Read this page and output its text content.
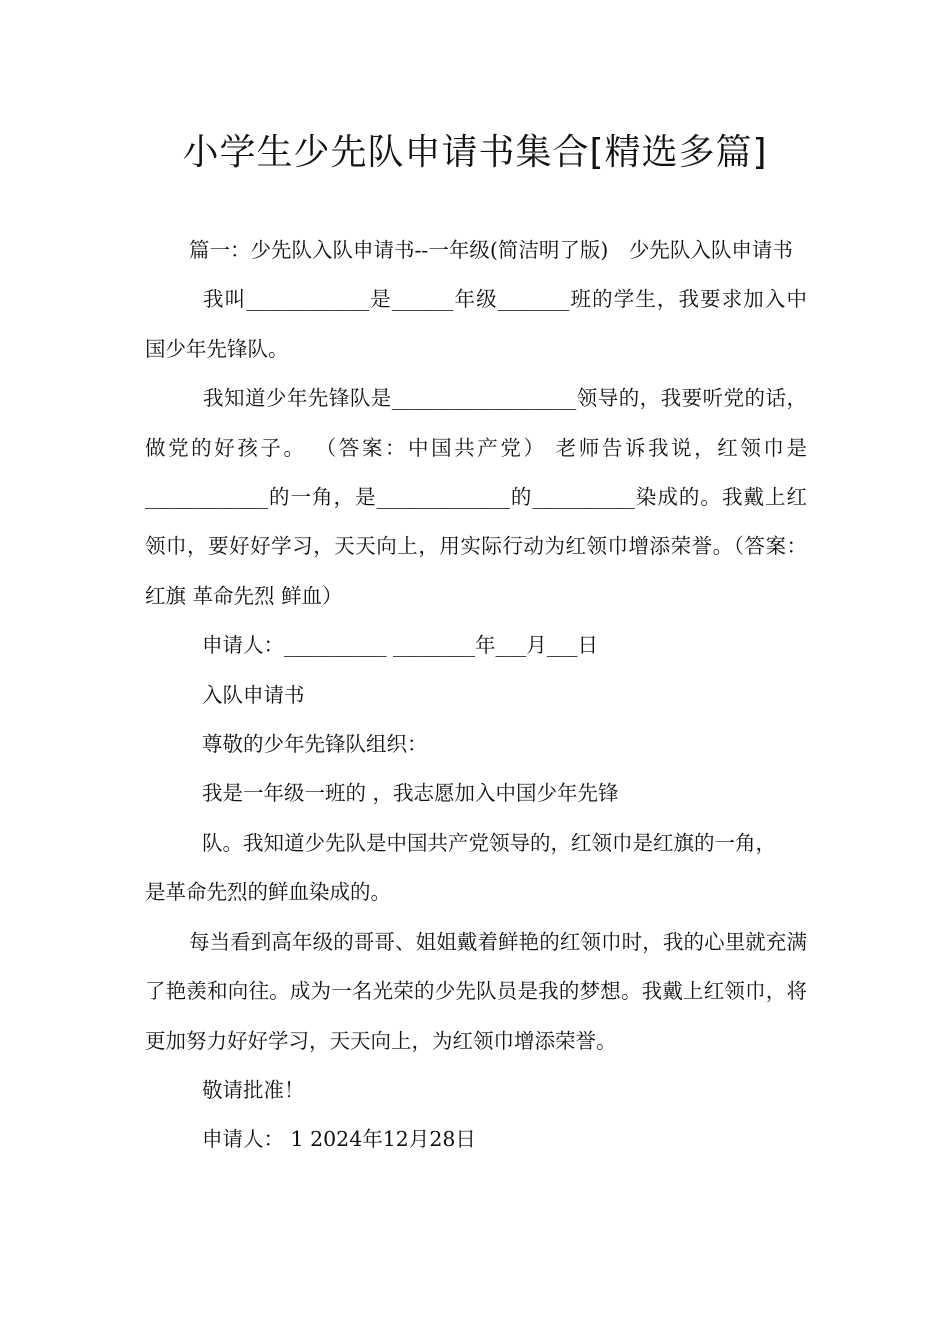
小学生少先队申请书集合[精选多篇]

篇一：少先队入队申请书--一年级(简洁明了版)　少先队入队申请书

我叫____________是______年级_______班的学生，我要求加入中国少年先锋队。

我知道少年先锋队是__________________领导的，我要听党的话，做党的好孩子。 （答案：中国共产党） 老师告诉我说，红领巾是____________的一角，是_____________的__________染成的。我戴上红领巾，要好好学习，天天向上，用实际行动为红领巾增添荣誉。（答案：红旗 革命先烈 鲜血）

申请人：__________ ________年___月___日

入队申请书

尊敬的少年先锋队组织：

我是一年级一班的 ，我志愿加入中国少年先锋

队。我知道少先队是中国共产党领导的，红领巾是红旗的一角，

是革命先烈的鲜血染成的。

每当看到高年级的哥哥、姐姐戴着鲜艳的红领巾时，我的心里就充满了艳羡和向往。成为一名光荣的少先队员是我的梦想。我戴上红领巾，将更加努力好好学习，天天向上，为红领巾增添荣誉。

敬请批准！

申请人： 1 2024年12月28日
